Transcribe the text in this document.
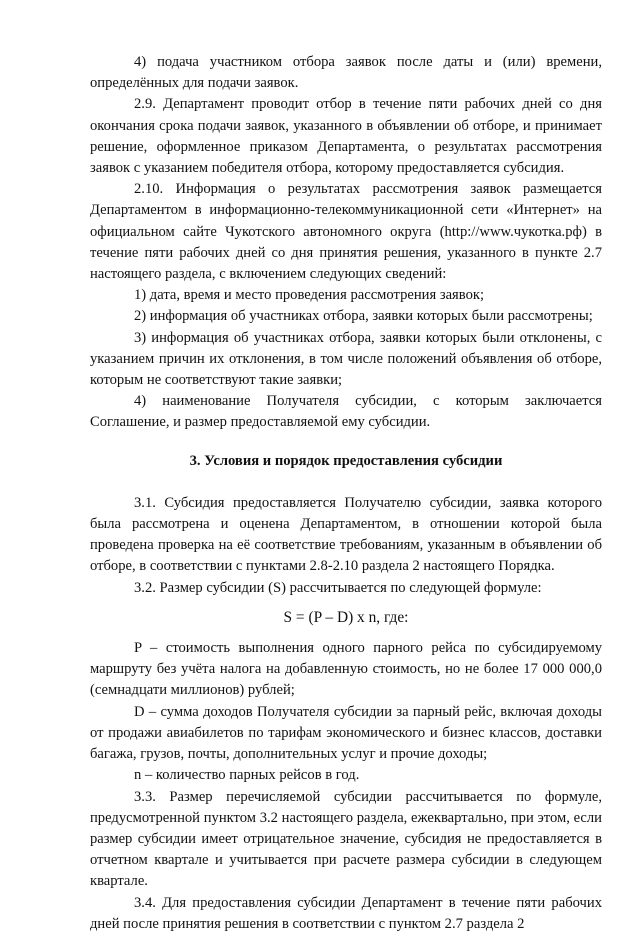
4) подача участником отбора заявок после даты и (или) времени, определённых для подачи заявок.

2.9. Департамент проводит отбор в течение пяти рабочих дней со дня окончания срока подачи заявок, указанного в объявлении об отборе, и принимает решение, оформленное приказом Департамента, о результатах рассмотрения заявок с указанием победителя отбора, которому предоставляется субсидия.

2.10. Информация о результатах рассмотрения заявок размещается Департаментом в информационно-телекоммуникационной сети «Интернет» на официальном сайте Чукотского автономного округа (http://www.чукотка.рф) в течение пяти рабочих дней со дня принятия решения, указанного в пункте 2.7 настоящего раздела, с включением следующих сведений:

1) дата, время и место проведения рассмотрения заявок;

2) информация об участниках отбора, заявки которых были рассмотрены;

3) информация об участниках отбора, заявки которых были отклонены, с указанием причин их отклонения, в том числе положений объявления об отборе, которым не соответствуют такие заявки;

4) наименование Получателя субсидии, с которым заключается Соглашение, и размер предоставляемой ему субсидии.

3. Условия и порядок предоставления субсидии

3.1. Субсидия предоставляется Получателю субсидии, заявка которого была рассмотрена и оценена Департаментом, в отношении которой была проведена проверка на её соответствие требованиям, указанным в объявлении об отборе, в соответствии с пунктами 2.8-2.10 раздела 2 настоящего Порядка.

3.2. Размер субсидии (S) рассчитывается по следующей формуле:

S = (P – D) x n, где:

P – стоимость выполнения одного парного рейса по субсидируемому маршруту без учёта налога на добавленную стоимость, но не более 17 000 000,0 (семнадцати миллионов) рублей;

D – сумма доходов Получателя субсидии за парный рейс, включая доходы от продажи авиабилетов по тарифам экономического и бизнес классов, доставки багажа, грузов, почты, дополнительных услуг и прочие доходы;

n – количество парных рейсов в год.

3.3. Размер перечисляемой субсидии рассчитывается по формуле, предусмотренной пунктом 3.2 настоящего раздела, ежеквартально, при этом, если размер субсидии имеет отрицательное значение, субсидия не предоставляется в отчетном квартале и учитывается при расчете размера субсидии в следующем квартале.

3.4. Для предоставления субсидии Департамент в течение пяти рабочих дней после принятия решения в соответствии с пунктом 2.7 раздела 2
